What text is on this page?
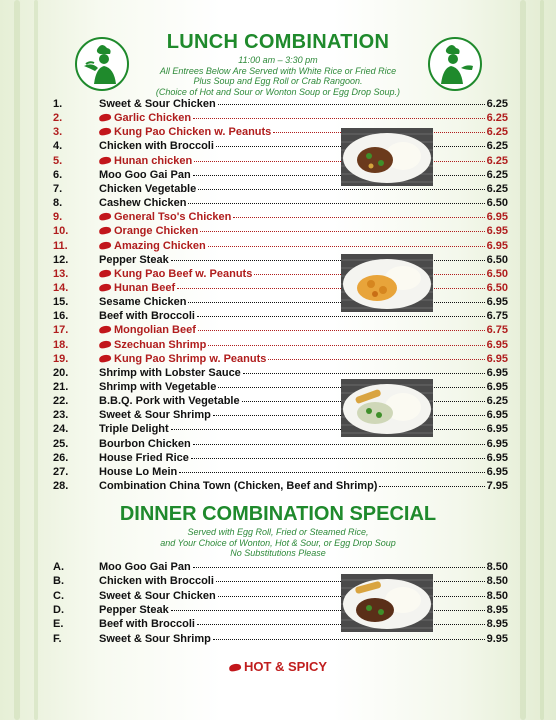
LUNCH COMBINATION
11:00 am – 3:30 pm
All Entrees Below Are Served with White Rice or Fried Rice
Plus Soup and Egg Roll or Crab Rangoon.
(Choice of Hot and Sour or Wonton Soup or Egg Drop Soup.)
1.	Sweet & Sour Chicken	6.25
2.	Garlic Chicken	6.25
3.	Kung Pao Chicken w. Peanuts	6.25
4.	Chicken with Broccoli	6.25
5.	Hunan chicken	6.25
6.	Moo Goo Gai Pan	6.25
7.	Chicken Vegetable	6.25
8.	Cashew Chicken	6.50
9.	General Tso's Chicken	6.95
10.	Orange Chicken	6.95
11.	Amazing Chicken	6.95
12.	Pepper Steak	6.50
13.	Kung Pao Beef w. Peanuts	6.50
14.	Hunan Beef	6.50
15.	Sesame Chicken	6.95
16.	Beef with Broccoli	6.75
17.	Mongolian Beef	6.75
18.	Szechuan Shrimp	6.95
19.	Kung Pao Shrimp w. Peanuts	6.95
20.	Shrimp with Lobster Sauce	6.95
21.	Shrimp with Vegetable	6.95
22.	B.B.Q. Pork with Vegetable	6.25
23.	Sweet & Sour Shrimp	6.95
24.	Triple Delight	6.95
25.	Bourbon Chicken	6.95
26.	House Fried Rice	6.95
27.	House Lo Mein	6.95
28.	Combination China Town (Chicken, Beef and Shrimp)	7.95
DINNER COMBINATION SPECIAL
Served with Egg Roll, Fried or Steamed Rice,
and Your Choice of Wonton, Hot & Sour, or Egg Drop Soup
No Substitutions Please
A.	Moo Goo Gai Pan	8.50
B.	Chicken with Broccoli	8.50
C.	Sweet & Sour Chicken	8.50
D.	Pepper Steak	8.95
E.	Beef with Broccoli	8.95
F.	Sweet & Sour Shrimp	9.95
HOT & SPICY
